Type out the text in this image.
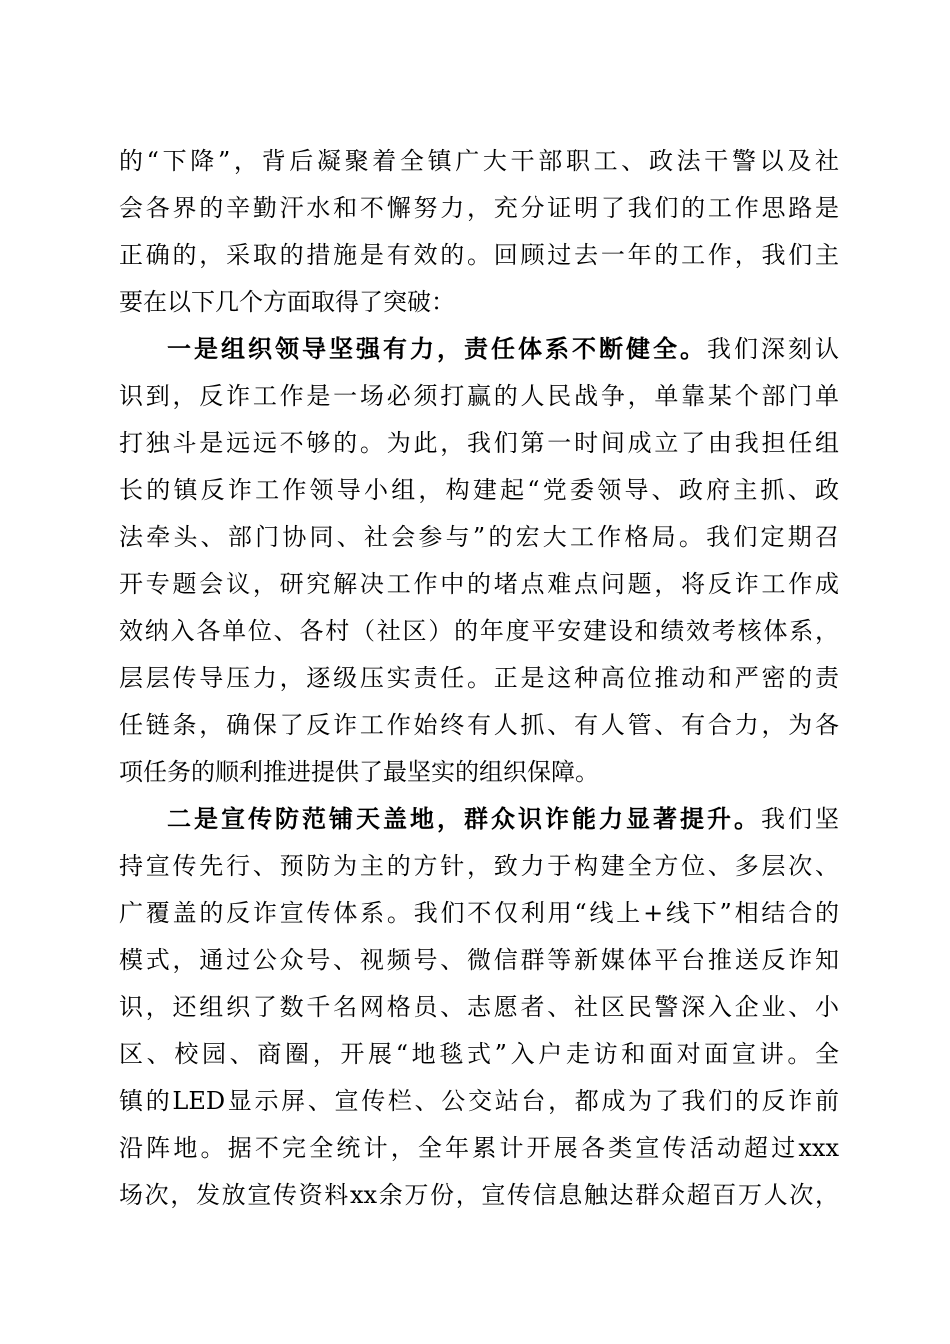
的“下降”，背后凝聚着全镇广大干部职工、政法干警以及社
会各界的辛勤汗水和不懈努力，充分证明了我们的工作思路是
正确的，采取的措施是有效的。回顾过去一年的工作，我们主
要在以下几个方面取得了突破：
一是组织领导坚强有力，责任体系不断健全。我们深刻认
识到，反诈工作是一场必须打赢的人民战争，单靠某个部门单
打独斗是远远不够的。为此，我们第一时间成立了由我担任组
长的镇反诈工作领导小组，构建起“党委领导、政府主抓、政
法牵头、部门协同、社会参与”的宏大工作格局。我们定期召
开专题会议，研究解决工作中的堵点难点问题，将反诈工作成
效纳入各单位、各村（社区）的年度平安建设和绩效考核体系，
层层传导压力，逐级压实责任。正是这种高位推动和严密的责
任链条，确保了反诈工作始终有人抓、有人管、有合力，为各
项任务的顺利推进提供了最坚实的组织保障。
二是宣传防范铺天盖地，群众识诈能力显著提升。我们坚
持宣传先行、预防为主的方针，致力于构建全方位、多层次、
广覆盖的反诈宣传体系。我们不仅利用“线上+线下”相结合的
模式，通过公众号、视频号、微信群等新媒体平台推送反诈知
识，还组织了数千名网格员、志愿者、社区民警深入企业、小
区、校园、商圈，开展“地毯式”入户走访和面对面宣讲。全
镇的LED显示屏、宣传栏、公交站台，都成为了我们的反诈前
沿阵地。据不完全统计，全年累计开展各类宣传活动超过xxx
场次，发放宣传资料xx余万份，宣传信息触达群众超百万人次，
